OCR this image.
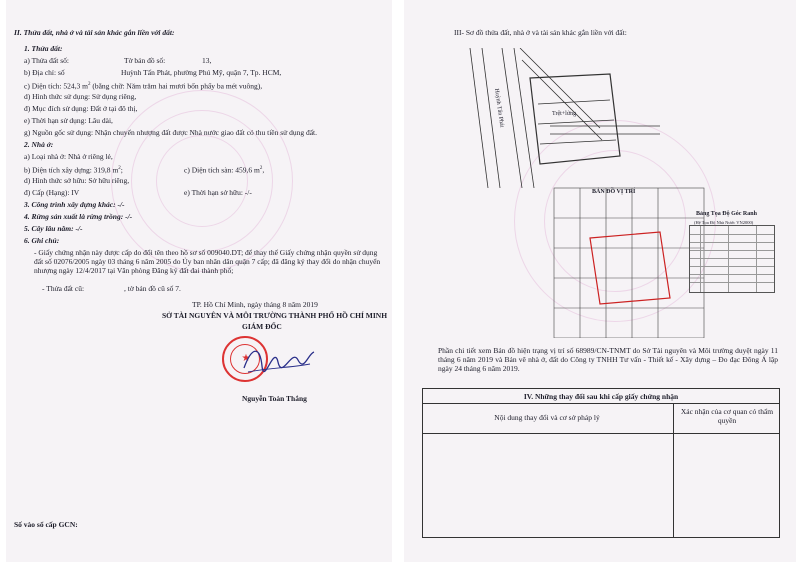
II. Thửa đất, nhà ở và tài sản khác gắn liền với đất:
1. Thửa đất:
a) Thửa đất số:	Tờ bản đồ số:	13,
b) Địa chỉ: số	Huỳnh Tấn Phát, phường Phú Mỹ, quận 7, Tp. HCM,
c) Diện tích: 524,3 $m^2$ (bằng chữ: Năm trăm hai mươi bốn phẩy ba mét vuông),
d) Hình thức sử dụng: Sử dụng riêng,
đ) Mục đích sử dụng: Đất ở tại đô thị,
e) Thời hạn sử dụng: Lâu dài,
g) Nguồn gốc sử dụng: Nhận chuyển nhượng đất được Nhà nước giao đất có thu tiền sử dụng đất.
2. Nhà ở:
a) Loại nhà ở: Nhà ở riêng lẻ,
b) Diện tích xây dựng: 319,8 $m^2$;	c) Diện tích sàn: 459,6 $m^2$,
d) Hình thức sở hữu: Sở hữu riêng,
đ) Cấp (Hạng): IV	e) Thời hạn sở hữu: -/-
3. Công trình xây dựng khác: -/-
4. Rừng sản xuất là rừng trồng: -/-
5. Cây lâu năm: -/-
6. Ghi chú:
- Giấy chứng nhận này được cấp do đổi tên theo hồ sơ số 009040.DT; để thay thế Giấy chứng nhận quyền sử dụng đất số 02076/2005 ngày 03 tháng 6 năm 2005 do Ủy ban nhân dân quận 7 cấp; đã đăng ký thay đổi do nhận chuyển nhượng ngày 12/4/2017 tại Văn phòng Đăng ký đất đai thành phố;
- Thửa đất cũ:	, tờ bản đồ cũ số 7.
TP. Hồ Chí Minh, ngày tháng 8 năm 2019
SỞ TÀI NGUYÊN VÀ MÔI TRƯỜNG THÀNH PHỐ HỒ CHÍ MINH
GIÁM ĐỐC
★
Nguyễn Toàn Thắng
Số vào sổ cấp GCN:
III- Sơ đồ thửa đất, nhà ở và tài sản khác gắn liền với đất:
Huỳnh Tấn Phát	Trệt+lửng
BẢN ĐỒ VỊ TRÍ
Bảng Tọa Độ Góc Ranh
(Hệ Tọa Độ Nhà Nước VN2000)
Phần chi tiết xem Bản đồ hiện trạng vị trí số 68989/CN-TNMT do Sở Tài nguyên và Môi trường duyệt ngày 11 tháng 6 năm 2019 và Bản vẽ nhà ở, đất do Công ty TNHH Tư vấn - Thiết kế - Xây dựng – Đo đạc Đông Á lập ngày 24 tháng 6 năm 2019.
IV. Những thay đổi sau khi cấp giấy chứng nhận
Nội dung thay đổi và cơ sở pháp lý
Xác nhận của cơ quan có thẩm quyền
